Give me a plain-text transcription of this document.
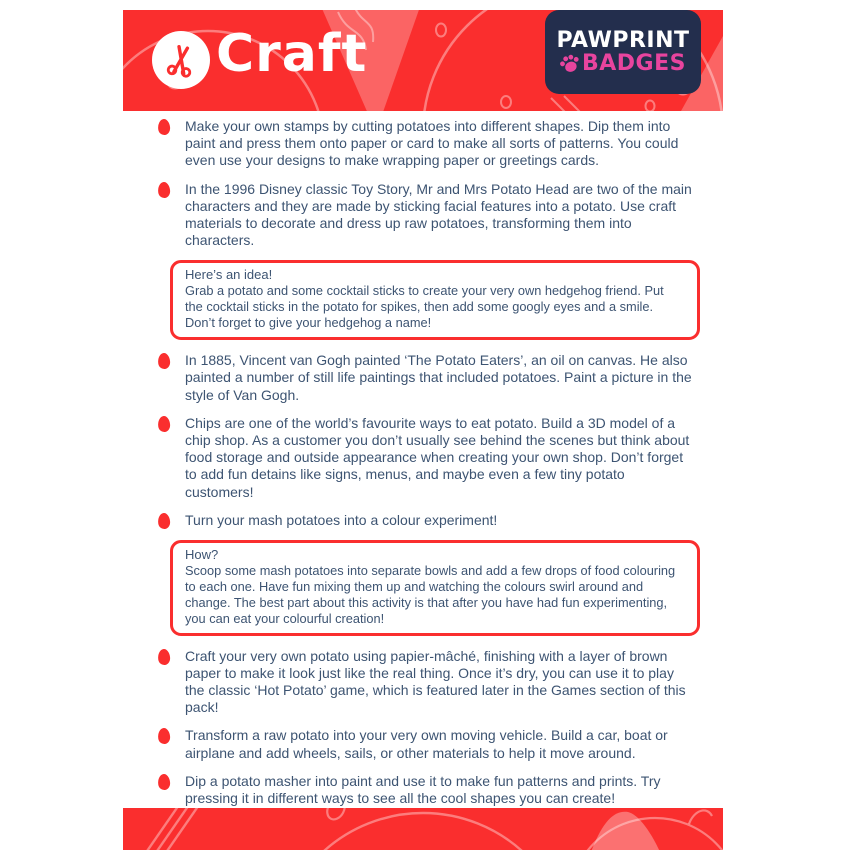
Craft	PAWPRINT
BADGES
Make your own stamps by cutting potatoes into different shapes. Dip them into paint and press them onto paper or card to make all sorts of patterns. You could even use your designs to make wrapping paper or greetings cards.
In the 1996 Disney classic Toy Story, Mr and Mrs Potato Head are two of the main characters and they are made by sticking facial features into a potato. Use craft materials to decorate and dress up raw potatoes, transforming them into characters.
Here’s an idea!
Grab a potato and some cocktail sticks to create your very own hedgehog friend. Put the cocktail sticks in the potato for spikes, then add some googly eyes and a smile. Don’t forget to give your hedgehog a name!
In 1885, Vincent van Gogh painted ‘The Potato Eaters’, an oil on canvas. He also painted a number of still life paintings that included potatoes. Paint a picture in the style of Van Gogh.
Chips are one of the world’s favourite ways to eat potato. Build a 3D model of a chip shop. As a customer you don’t usually see behind the scenes but think about food storage and outside appearance when creating your own shop. Don’t forget to add fun detains like signs, menus, and maybe even a few tiny potato customers!
Turn your mash potatoes into a colour experiment!
How?
Scoop some mash potatoes into separate bowls and add a few drops of food colouring to each one. Have fun mixing them up and watching the colours swirl around and change. The best part about this activity is that after you have had fun experimenting, you can eat your colourful creation!
Craft your very own potato using papier-mâché, finishing with a layer of brown paper to make it look just like the real thing. Once it’s dry, you can use it to play the classic ‘Hot Potato’ game, which is featured later in the Games section of this pack!
Transform a raw potato into your very own moving vehicle. Build a car, boat or airplane and add wheels, sails, or other materials to help it move around.
Dip a potato masher into paint and use it to make fun patterns and prints. Try pressing it in different ways to see all the cool shapes you can create!
